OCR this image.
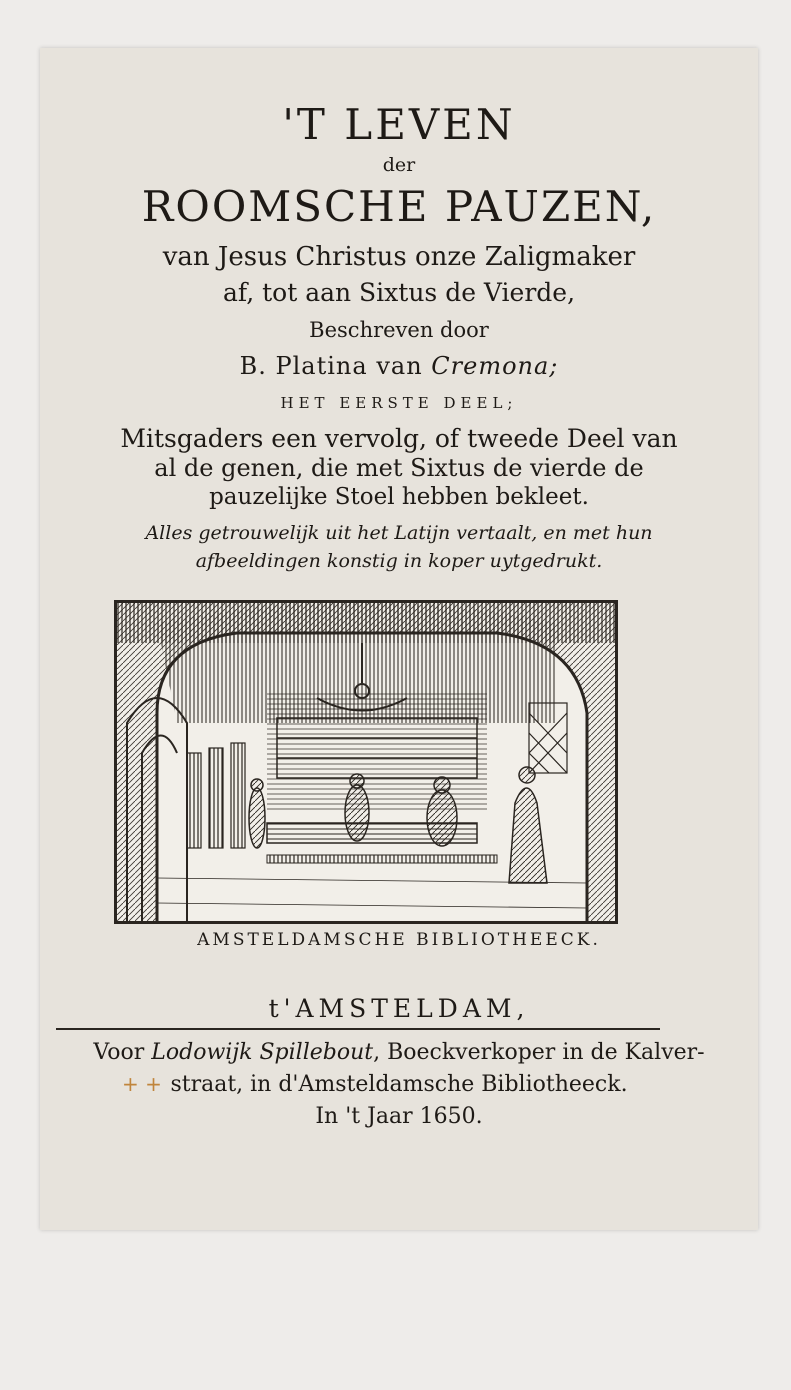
'T LEVEN
der
ROOMSCHE PAUZEN,
van Jesus Christus onze Zaligmaker
af, tot aan Sixtus de Vierde,
Beschreven door
B. Platina van Cremona;
HET EERSTE DEEL;
Mitsgaders een vervolg, of tweede Deel van
al de genen, die met Sixtus de vierde de
pauzelijke Stoel hebben bekleet.
Alles getrouwelijk uit het Latijn vertaalt, en met hun
afbeeldingen konstig in koper uytgedrukt.
AMSTELDAMSCHE BIBLIOTHEECK.
t'AMSTELDAM,
Voor Lodowijk Spillebout, Boeckverkoper in de Kalver-
+ + straat, in d'Amsteldamsche Bibliotheeck.
In 't Jaar 1650.
